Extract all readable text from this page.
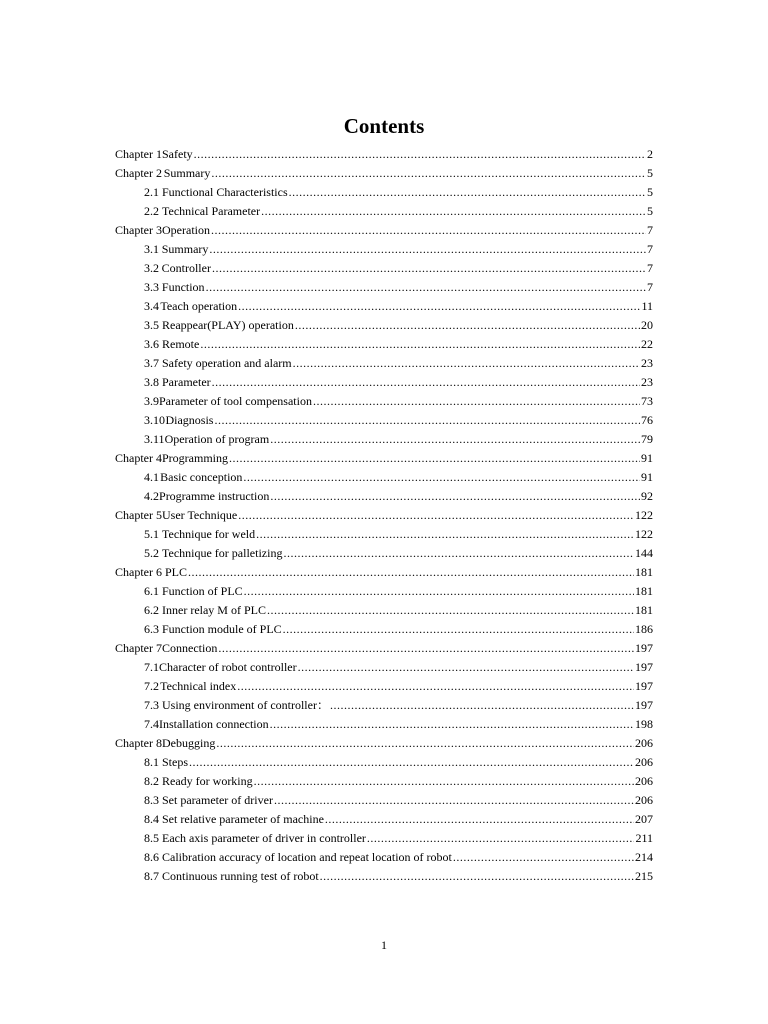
Contents
Chapter 1 Safety .....	2
Chapter 2 Summary .....	5
2.1 Functional Characteristics .....	5
2.2 Technical Parameter .....	5
Chapter 3 Operation .....	7
3.1 Summary .....	7
3.2 Controller .....	7
3.3 Function .....	7
3.4 Teach operation .....	11
3.5 Reappear(PLAY) operation .....	20
3.6 Remote .....	22
3.7 Safety operation and alarm .....	23
3.8 Parameter .....	23
3.9 Parameter of tool compensation .....	73
3.10 Diagnosis .....	76
3.11 Operation of program .....	79
Chapter 4 Programming .....	91
4.1 Basic conception .....	91
4.2 Programme instruction .....	92
Chapter 5 User Technique .....	122
5.1 Technique for weld .....	122
5.2 Technique for palletizing .....	144
Chapter 6 PLC .....	181
6.1 Function of PLC .....	181
6.2 Inner relay M of PLC .....	181
6.3 Function module of PLC .....	186
Chapter 7 Connection .....	197
7.1 Character of robot controller .....	197
7.2 Technical index .....	197
7.3 Using environment of controller： .....	197
7.4 Installation connection .....	198
Chapter 8 Debugging .....	206
8.1 Steps .....	206
8.2 Ready for working .....	206
8.3 Set parameter of driver .....	206
8.4 Set relative parameter of machine .....	207
8.5 Each axis parameter of driver in controller .....	211
8.6 Calibration accuracy of location and repeat location of robot .....	214
8.7 Continuous running test of robot .....	215
1
